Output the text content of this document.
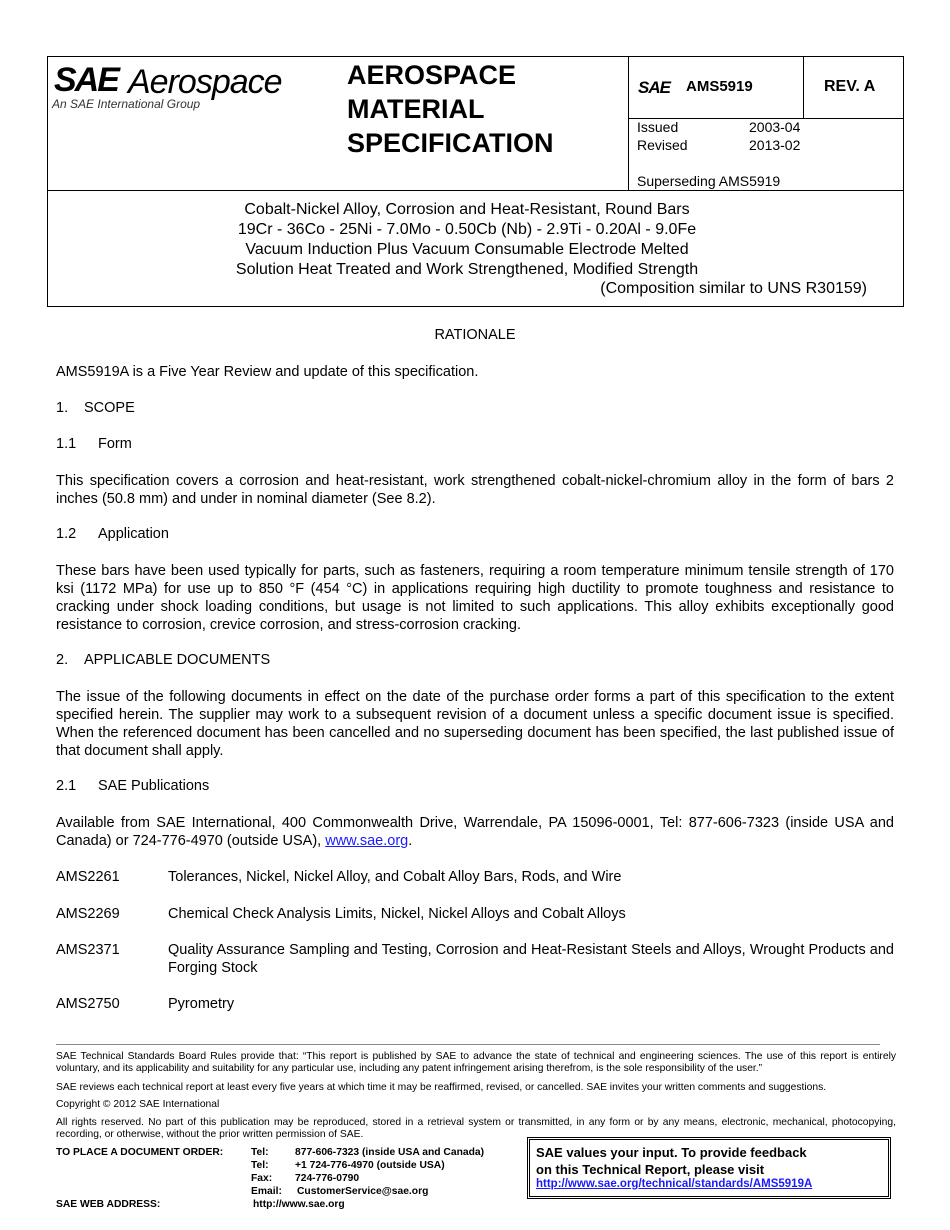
SAE Aerospace
An SAE International Group
AEROSPACE
MATERIAL
SPECIFICATION
SAE AMS5919	REV. A
Issued	2003-04
Revised	2013-02
Superseding AMS5919
Cobalt-Nickel Alloy, Corrosion and Heat-Resistant, Round Bars
19Cr - 36Co - 25Ni - 7.0Mo - 0.50Cb (Nb) - 2.9Ti - 0.20Al - 9.0Fe
Vacuum Induction Plus Vacuum Consumable Electrode Melted
Solution Heat Treated and Work Strengthened, Modified Strength
(Composition similar to UNS R30159)
RATIONALE
AMS5919A is a Five Year Review and update of this specification.
1. SCOPE
1.1 Form
This specification covers a corrosion and heat-resistant, work strengthened cobalt-nickel-chromium alloy in the form of bars 2 inches (50.8 mm) and under in nominal diameter (See 8.2).
1.2 Application
These bars have been used typically for parts, such as fasteners, requiring a room temperature minimum tensile strength of 170 ksi (1172 MPa) for use up to 850 °F (454 °C) in applications requiring high ductility to promote toughness and resistance to cracking under shock loading conditions, but usage is not limited to such applications. This alloy exhibits exceptionally good resistance to corrosion, crevice corrosion, and stress-corrosion cracking.
2. APPLICABLE DOCUMENTS
The issue of the following documents in effect on the date of the purchase order forms a part of this specification to the extent specified herein. The supplier may work to a subsequent revision of a document unless a specific document issue is specified. When the referenced document has been cancelled and no superseding document has been specified, the last published issue of that document shall apply.
2.1 SAE Publications
Available from SAE International, 400 Commonwealth Drive, Warrendale, PA 15096-0001, Tel: 877-606-7323 (inside USA and Canada) or 724-776-4970 (outside USA), www.sae.org.
AMS2261	Tolerances, Nickel, Nickel Alloy, and Cobalt Alloy Bars, Rods, and Wire
AMS2269	Chemical Check Analysis Limits, Nickel, Nickel Alloys and Cobalt Alloys
AMS2371	Quality Assurance Sampling and Testing, Corrosion and Heat-Resistant Steels and Alloys, Wrought Products and Forging Stock
AMS2750	Pyrometry
SAE Technical Standards Board Rules provide that: “This report is published by SAE to advance the state of technical and engineering sciences. The use of this report is entirely voluntary, and its applicability and suitability for any particular use, including any patent infringement arising therefrom, is the sole responsibility of the user.”
SAE reviews each technical report at least every five years at which time it may be reaffirmed, revised, or cancelled. SAE invites your written comments and suggestions.
Copyright © 2012 SAE International
All rights reserved. No part of this publication may be reproduced, stored in a retrieval system or transmitted, in any form or by any means, electronic, mechanical, photocopying, recording, or otherwise, without the prior written permission of SAE.
TO PLACE A DOCUMENT ORDER:	Tel:	877-606-7323 (inside USA and Canada)
Tel:	+1 724-776-4970 (outside USA)
Fax: 724-776-0790
Email: CustomerService@sae.org
SAE WEB ADDRESS:	http://www.sae.org
SAE values your input. To provide feedback
on this Technical Report, please visit
http://www.sae.org/technical/standards/AMS5919A
